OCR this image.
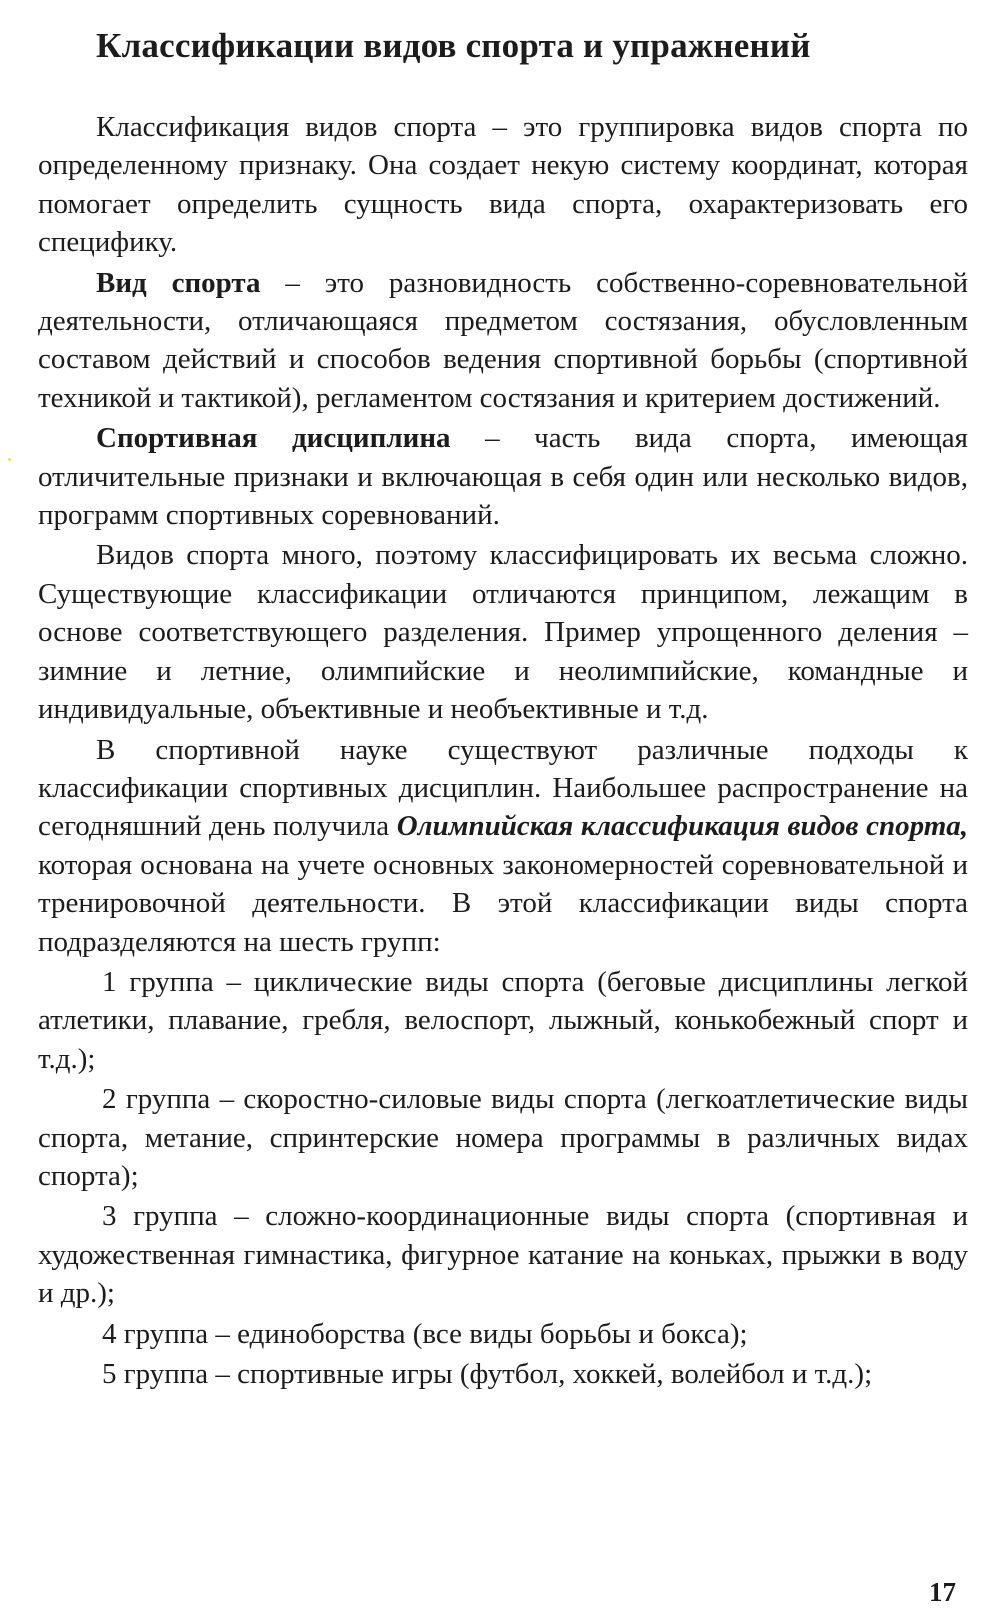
Классификации видов спорта и упражнений

Классификация видов спорта – это группировка видов спорта по определенному признаку. Она создает некую систему координат, которая помогает определить сущность вида спорта, охарактеризовать его специфику.

Вид спорта – это разновидность собственно-соревновательной деятельности, отличающаяся предметом состязания, обусловленным составом действий и способов ведения спортивной борьбы (спортивной техникой и тактикой), регламентом состязания и критерием достижений.

Спортивная дисциплина – часть вида спорта, имеющая отличительные признаки и включающая в себя один или несколько видов, программ спортивных соревнований.

Видов спорта много, поэтому классифицировать их весьма сложно. Существующие классификации отличаются принципом, лежащим в основе соответствующего разделения. Пример упрощенного деления – зимние и летние, олимпийские и неолимпийские, командные и индивидуальные, объективные и необъективные и т.д.

В спортивной науке существуют различные подходы к классификации спортивных дисциплин. Наибольшее распространение на сегодняшний день получила Олимпийская классификация видов спорта, которая основана на учете основных закономерностей соревновательной и тренировочной деятельности. В этой классификации виды спорта подразделяются на шесть групп:

1 группа – циклические виды спорта (беговые дисциплины легкой атлетики, плавание, гребля, велоспорт, лыжный, конькобежный спорт и т.д.);

2 группа – скоростно-силовые виды спорта (легкоатлетические виды спорта, метание, спринтерские номера программы в различных видах спорта);

3 группа – сложно-координационные виды спорта (спортивная и художественная гимнастика, фигурное катание на коньках, прыжки в воду и др.);

4 группа – единоборства (все виды борьбы и бокса);

5 группа – спортивные игры (футбол, хоккей, волейбол и т.д.);

17
